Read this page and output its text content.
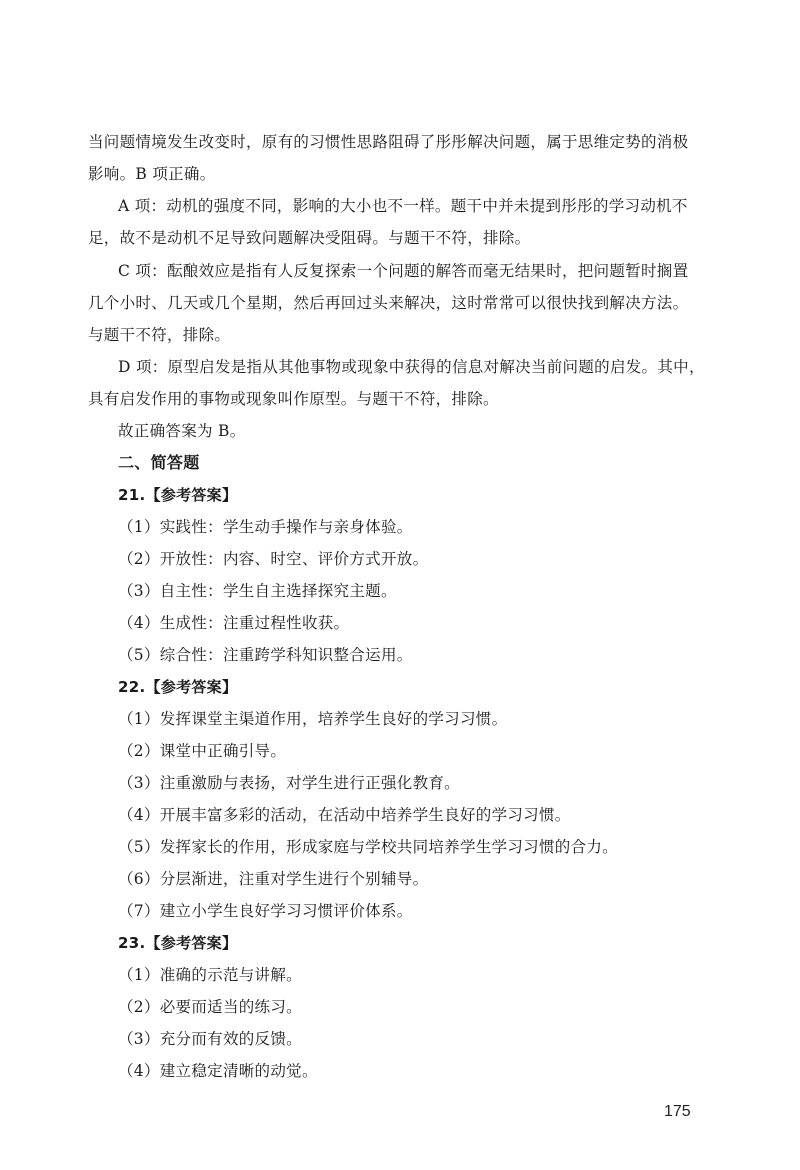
当问题情境发生改变时，原有的习惯性思路阻碍了彤彤解决问题，属于思维定势的消极
影响。B 项正确。
A 项：动机的强度不同，影响的大小也不一样。题干中并未提到彤彤的学习动机不
足，故不是动机不足导致问题解决受阻碍。与题干不符，排除。
C 项：酝酿效应是指有人反复探索一个问题的解答而毫无结果时，把问题暂时搁置
几个小时、几天或几个星期，然后再回过头来解决，这时常常可以很快找到解决方法。
与题干不符，排除。
D 项：原型启发是指从其他事物或现象中获得的信息对解决当前问题的启发。其中，
具有启发作用的事物或现象叫作原型。与题干不符，排除。
故正确答案为 B。
二、简答题
21.【参考答案】
（1）实践性：学生动手操作与亲身体验。
（2）开放性：内容、时空、评价方式开放。
（3）自主性：学生自主选择探究主题。
（4）生成性：注重过程性收获。
（5）综合性：注重跨学科知识整合运用。
22.【参考答案】
（1）发挥课堂主渠道作用，培养学生良好的学习习惯。
（2）课堂中正确引导。
（3）注重激励与表扬，对学生进行正强化教育。
（4）开展丰富多彩的活动，在活动中培养学生良好的学习习惯。
（5）发挥家长的作用，形成家庭与学校共同培养学生学习习惯的合力。
（6）分层渐进，注重对学生进行个别辅导。
（7）建立小学生良好学习习惯评价体系。
23.【参考答案】
（1）准确的示范与讲解。
（2）必要而适当的练习。
（3）充分而有效的反馈。
（4）建立稳定清晰的动觉。
175
